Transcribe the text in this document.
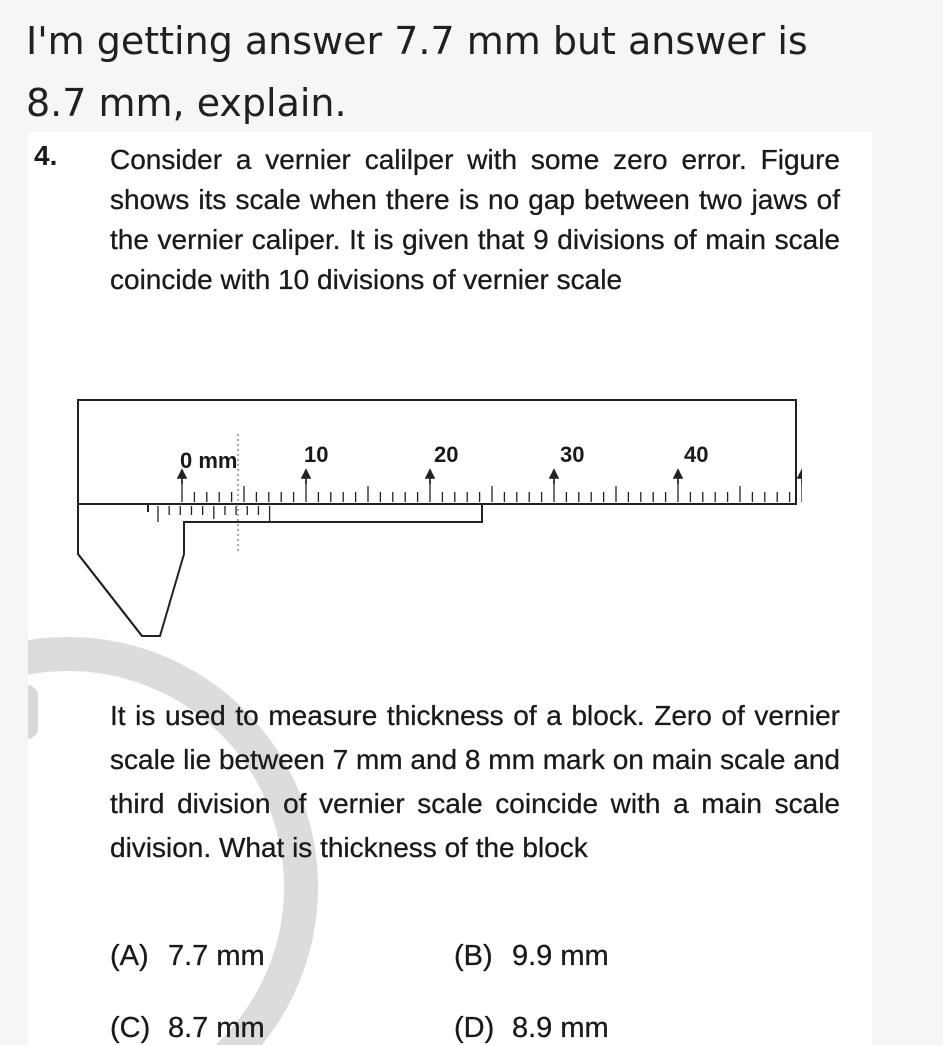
I'm getting answer 7.7 mm but answer is
8.7 mm, explain.
4. Consider a vernier calilper with some zero error. Figure shows its scale when there is no gap between two jaws of the vernier caliper. It is given that 9 divisions of main scale coincide with 10 divisions of vernier scale
0 mm	10	20	30	40
It is used to measure thickness of a block. Zero of vernier scale lie between 7 mm and 8 mm mark on main scale and third division of vernier scale coincide with a main scale division. What is thickness of the block
(A) 7.7 mm	(B) 9.9 mm
(C) 8.7 mm	(D) 8.9 mm
